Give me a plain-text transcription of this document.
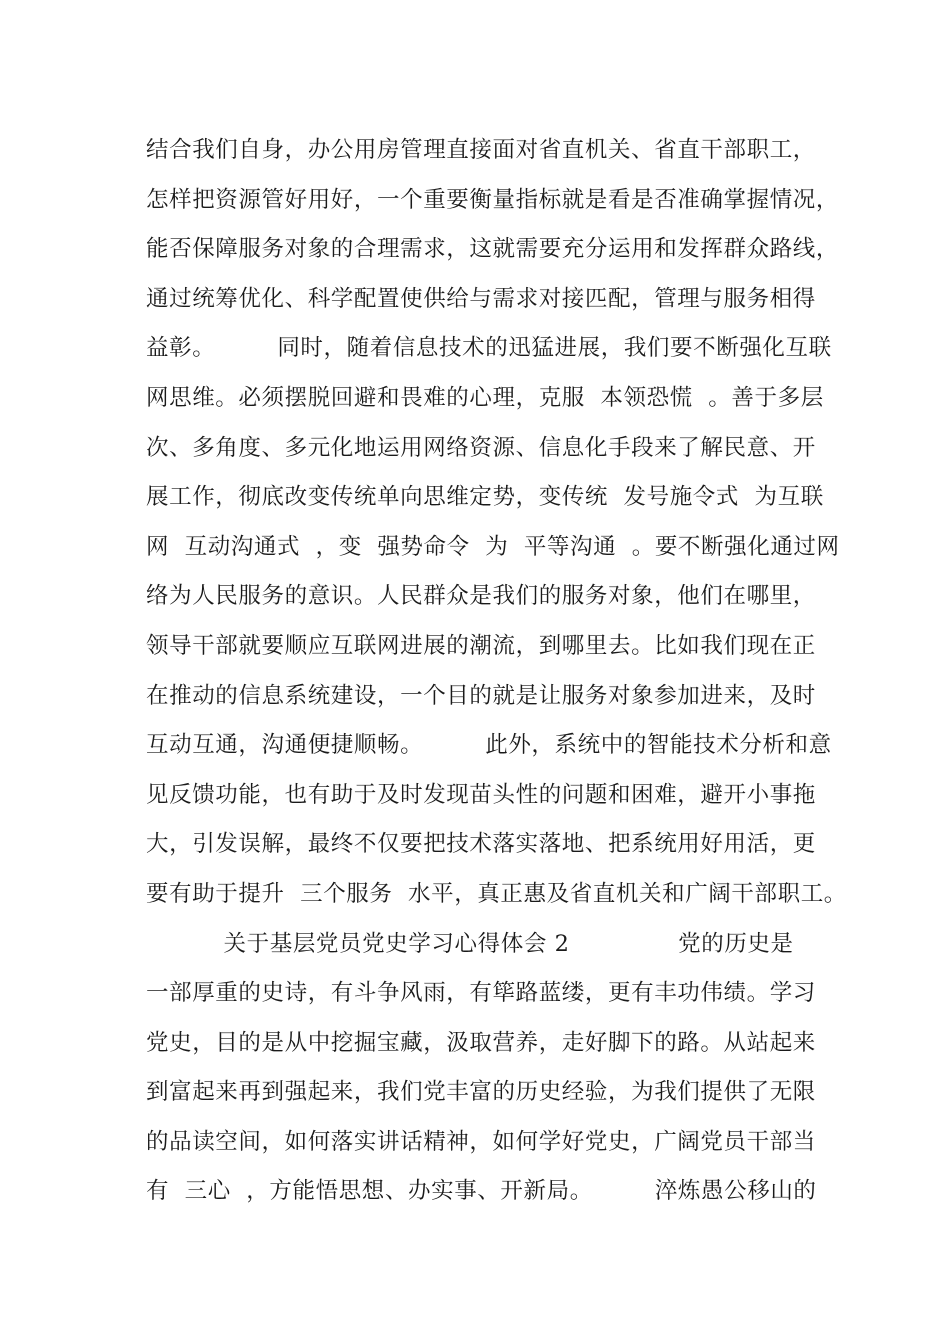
结合我们自身，办公用房管理直接面对省直机关、省直干部职工，
怎样把资源管好用好，一个重要衡量指标就是看是否准确掌握情况，
能否保障服务对象的合理需求，这就需要充分运用和发挥群众路线，
通过统筹优化、科学配置使供给与需求对接匹配，管理与服务相得
益彰。        同时，随着信息技术的迅猛进展，我们要不断强化互联
网思维。必须摆脱回避和畏难的心理，克服  本领恐慌  。善于多层
次、多角度、多元化地运用网络资源、信息化手段来了解民意、开
展工作，彻底改变传统单向思维定势，变传统  发号施令式  为互联
网  互动沟通式  ，变  强势命令  为  平等沟通  。要不断强化通过网
络为人民服务的意识。人民群众是我们的服务对象，他们在哪里，
领导干部就要顺应互联网进展的潮流，到哪里去。比如我们现在正
在推动的信息系统建设，一个目的就是让服务对象参加进来，及时
互动互通，沟通便捷顺畅。        此外，系统中的智能技术分析和意
见反馈功能，也有助于及时发现苗头性的问题和困难，避开小事拖
大，引发误解，最终不仅要把技术落实落地、把系统用好用活，更
要有助于提升  三个服务  水平，真正惠及省直机关和广阔干部职工。
关于基层党员党史学习心得体会 2              党的历史是
一部厚重的史诗，有斗争风雨，有筚路蓝缕，更有丰功伟绩。学习
党史，目的是从中挖掘宝藏，汲取营养，走好脚下的路。从站起来
到富起来再到强起来，我们党丰富的历史经验，为我们提供了无限
的品读空间，如何落实讲话精神，如何学好党史，广阔党员干部当
有  三心  ，方能悟思想、办实事、开新局。        淬炼愚公移山的
